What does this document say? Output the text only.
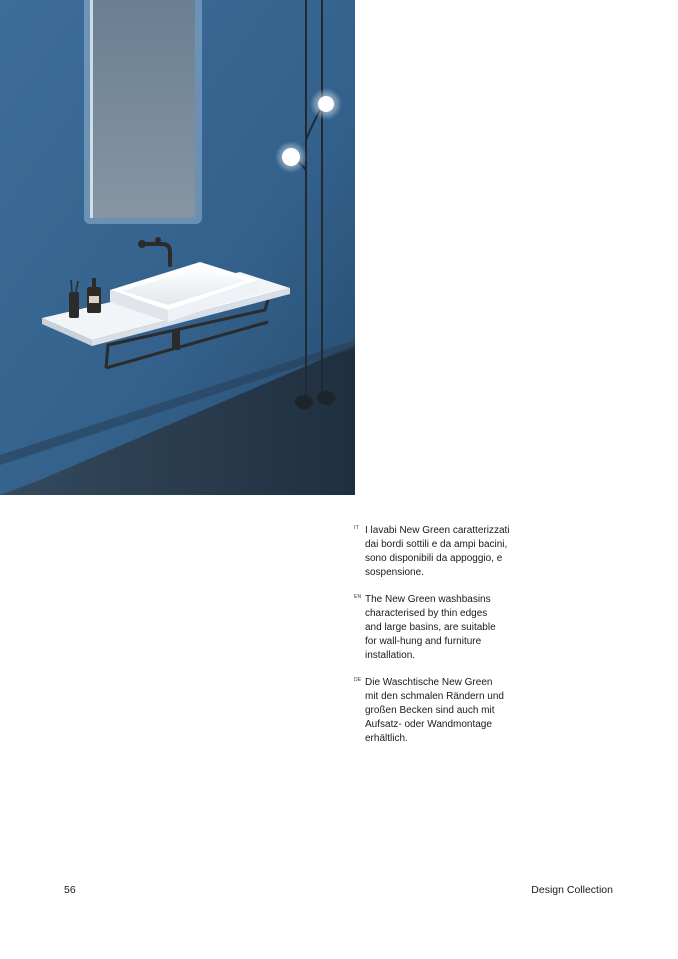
IT I lavabi New Green caratterizzati
dai bordi sottili e da ampi bacini,
sono disponibili da appoggio, e
sospensione.
EN The New Green washbasins
characterised by thin edges
and large basins, are suitable
for wall-hung and furniture
installation.
DE Die Waschtische New Green
mit den schmalen Rändern und
großen Becken sind auch mit
Aufsatz- oder Wandmontage
erhältlich.
56	Design Collection
